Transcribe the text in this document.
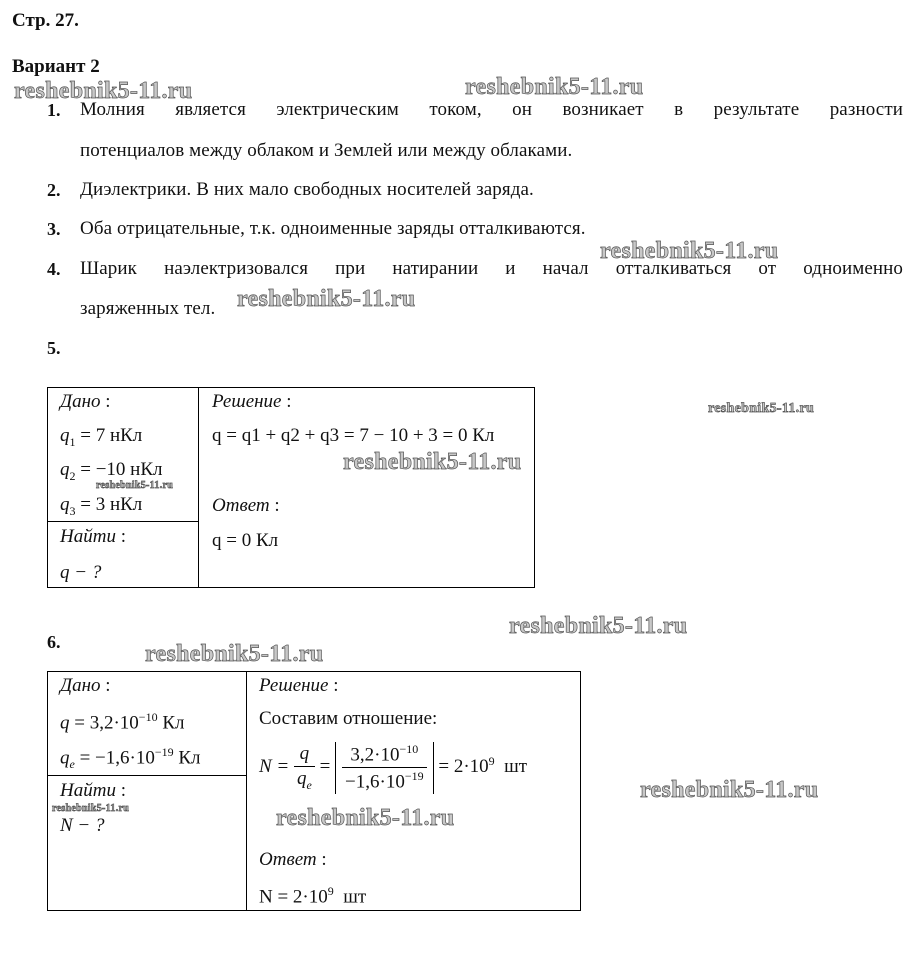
Стр. 27.
Вариант 2
1. Молния является электрическим током, он возникает в результате разности
потенциалов между облаком и Землей или между облаками.
2. Диэлектрики. В них мало свободных носителей заряда.
3. Оба отрицательные, т.к. одноименные заряды отталкиваются.
4. Шарик наэлектризовался при натирании и начал отталкиваться от одноименно
заряженных тел.
5.
Дано :
$q_1 = 7$ нКл
$q_2 = -10$ нКл
$q_3 = 3$ нКл
Найти :
q − ?
Решение :
q = q1 + q2 + q3 = 7 − 10 + 3 = 0 Кл
Ответ :
q = 0 Кл
6.
Дано :
$q = 3,2\cdot 10^{-10}$ Кл
$q_e = -1,6\cdot 10^{-19}$ Кл
Найти :
N − ?
Решение :
Составим отношение:
$N = \frac{q}{q_e} = \frac{3,2\cdot 10^{-10}}{-1,6\cdot 10^{-19}} = 2\cdot 10^9$ шт
Ответ :
$N = 2\cdot 10^9$ шт
reshebnik5-11.ru	reshebnik5-11.ru
reshebnik5-11.ru
reshebnik5-11.ru
reshebnik5-11.ru
reshebnik5-11.ru
reshebnik5-11.ru
reshebnik5-11.ru
reshebnik5-11.ru
reshebnik5-11.ru
reshebnik5-11.ru	reshebnik5-11.ru
